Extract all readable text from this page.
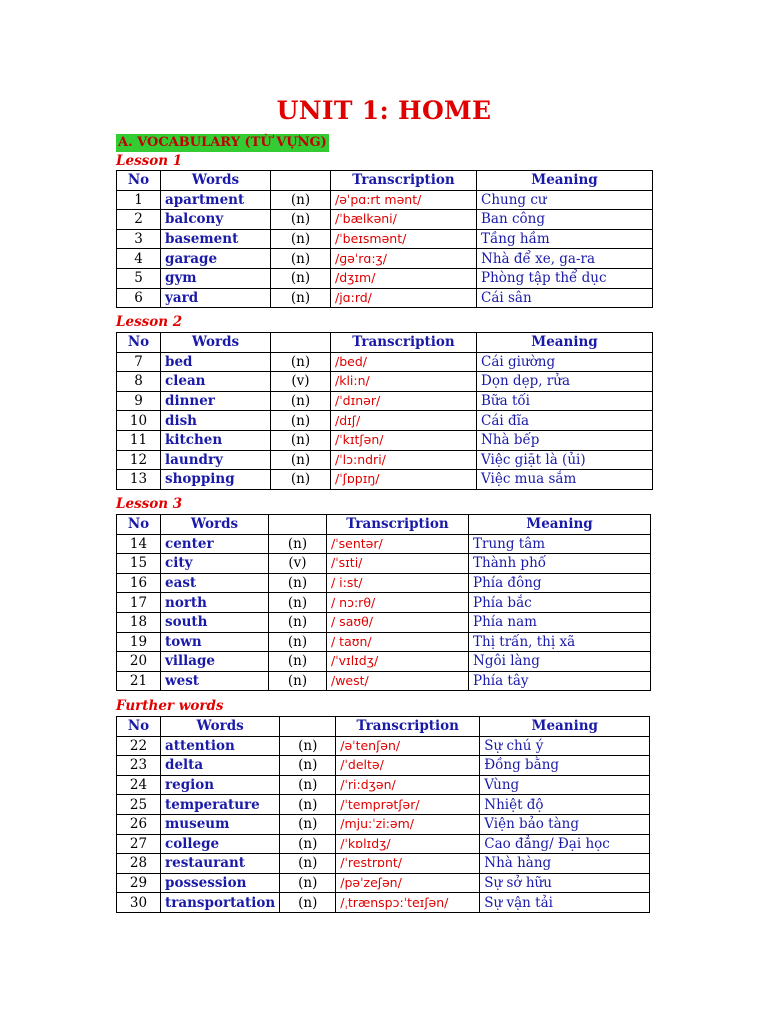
UNIT 1: HOME
A. VOCABULARY (TỪ VỰNG)
Lesson 1
No	Words		Transcription	Meaning
1	apartment	(n)	/əˈpɑ:rt mənt/	Chung cư
2	balcony	(n)	/ˈbælkəni/	Ban công
3	basement	(n)	/ˈbeɪsmənt/	Tầng hầm
4	garage	(n)	/ɡəˈrɑ:ʒ/	Nhà để xe, ga-ra
5	gym	(n)	/dʒɪm/	Phòng tập thể dục
6	yard	(n)	/jɑ:rd/	Cái sân
Lesson 2
No	Words		Transcription	Meaning
7	bed	(n)	/bed/	Cái giường
8	clean	(v)	/kli:n/	Dọn dẹp, rửa
9	dinner	(n)	/ˈdɪnər/	Bữa tối
10	dish	(n)	/dɪʃ/	Cái đĩa
11	kitchen	(n)	/ˈkɪtʃən/	Nhà bếp
12	laundry	(n)	/ˈlɔ:ndri/	Việc giặt là (ủi)
13	shopping	(n)	/ˈʃɒpɪŋ/	Việc mua sắm
Lesson 3
No	Words		Transcription	Meaning
14	center	(n)	/ˈsentər/	Trung tâm
15	city	(v)	/ˈsɪti/	Thành phố
16	east	(n)	/ i:st/	Phía đông
17	north	(n)	/ nɔ:rθ/	Phía bắc
18	south	(n)	/ saʊθ/	Phía nam
19	town	(n)	/ taʊn/	Thị trấn, thị xã
20	village	(n)	/ˈvɪlɪdʒ/	Ngôi làng
21	west	(n)	/west/	Phía tây
Further words
No	Words		Transcription	Meaning
22	attention	(n)	/əˈtenʃən/	Sự chú ý
23	delta	(n)	/ˈdeltə/	Đồng bằng
24	region	(n)	/ˈri:dʒən/	Vùng
25	temperature	(n)	/ˈtemprətʃər/	Nhiệt độ
26	museum	(n)	/mju:ˈzi:əm/	Viện bảo tàng
27	college	(n)	/ˈkɒlɪdʒ/	Cao đẳng/ Đại học
28	restaurant	(n)	/ˈrestrɒnt/	Nhà hàng
29	possession	(n)	/pəˈzeʃən/	Sự sở hữu
30	transportation	(n)	/ˌtrænspɔ:ˈteɪʃən/	Sự vận tải
